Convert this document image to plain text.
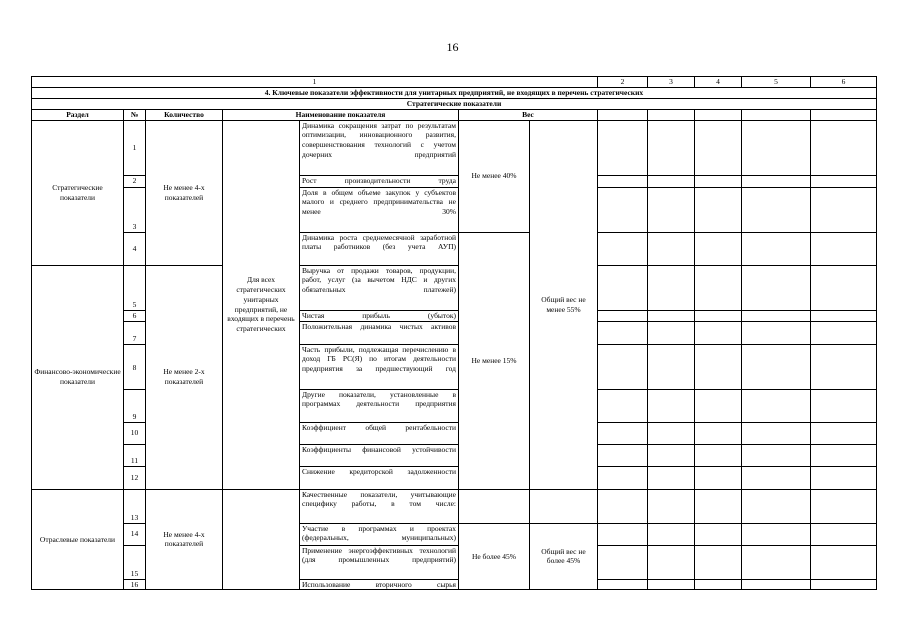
16
1							2	3	4	5	6
4. Ключевые показатели эффективности для унитарных предприятий, не входящих в перечень стратегических											
Стратегические показатели											
Раздел	№	Количество	Наименование показателя		Вес						
Стратегические показатели	1	Не менее 4-х показателей	Для всех стратегических унитарных предприятий, не входящих в перечень стратегических	Динамика сокращения затрат по результатам оптимизации, инновационного развития, совершенствования технологий с учетом дочерних предприятий	Не менее 40%	Общий вес не менее 55%					
	2			Рост производительности труда							
	3			Доля в общем объеме закупок у субъектов малого и среднего предпринимательства не менее 30%							
	4			Динамика роста среднемесячной заработной платы работников (без учета АУП)	Не менее 15%						
Финансово-экономические показатели	5	Не менее 2-х показателей		Выручка от продажи товаров, продукции, работ, услуг (за вычетом НДС и других обязательных платежей)							
	6			Чистая прибыль (убыток)							
	7			Положительная динамика чистых активов							
	8			Часть прибыли, подлежащая перечислению в доход ГБ РС(Я) по итогам деятельности предприятия за предшествующий год							
	9			Другие показатели, установленные в программах деятельности предприятия							
	10			Коэффициент общей рентабельности							
	11			Коэффициенты финансовой устойчивости							
	12			Снижение кредиторской задолженности							
Отраслевые показатели	13	Не менее 4-х показателей		Качественные показатели, учитывающие специфику работы, в том числе:							
	14			Участие в программах и проектах (федеральных, муниципальных)	Не более 45%	Общий вес не более 45%					
	15			Применение энергоэффективных технологий (для промышленных предприятий)							
	16			Использование вторичного сырья							
